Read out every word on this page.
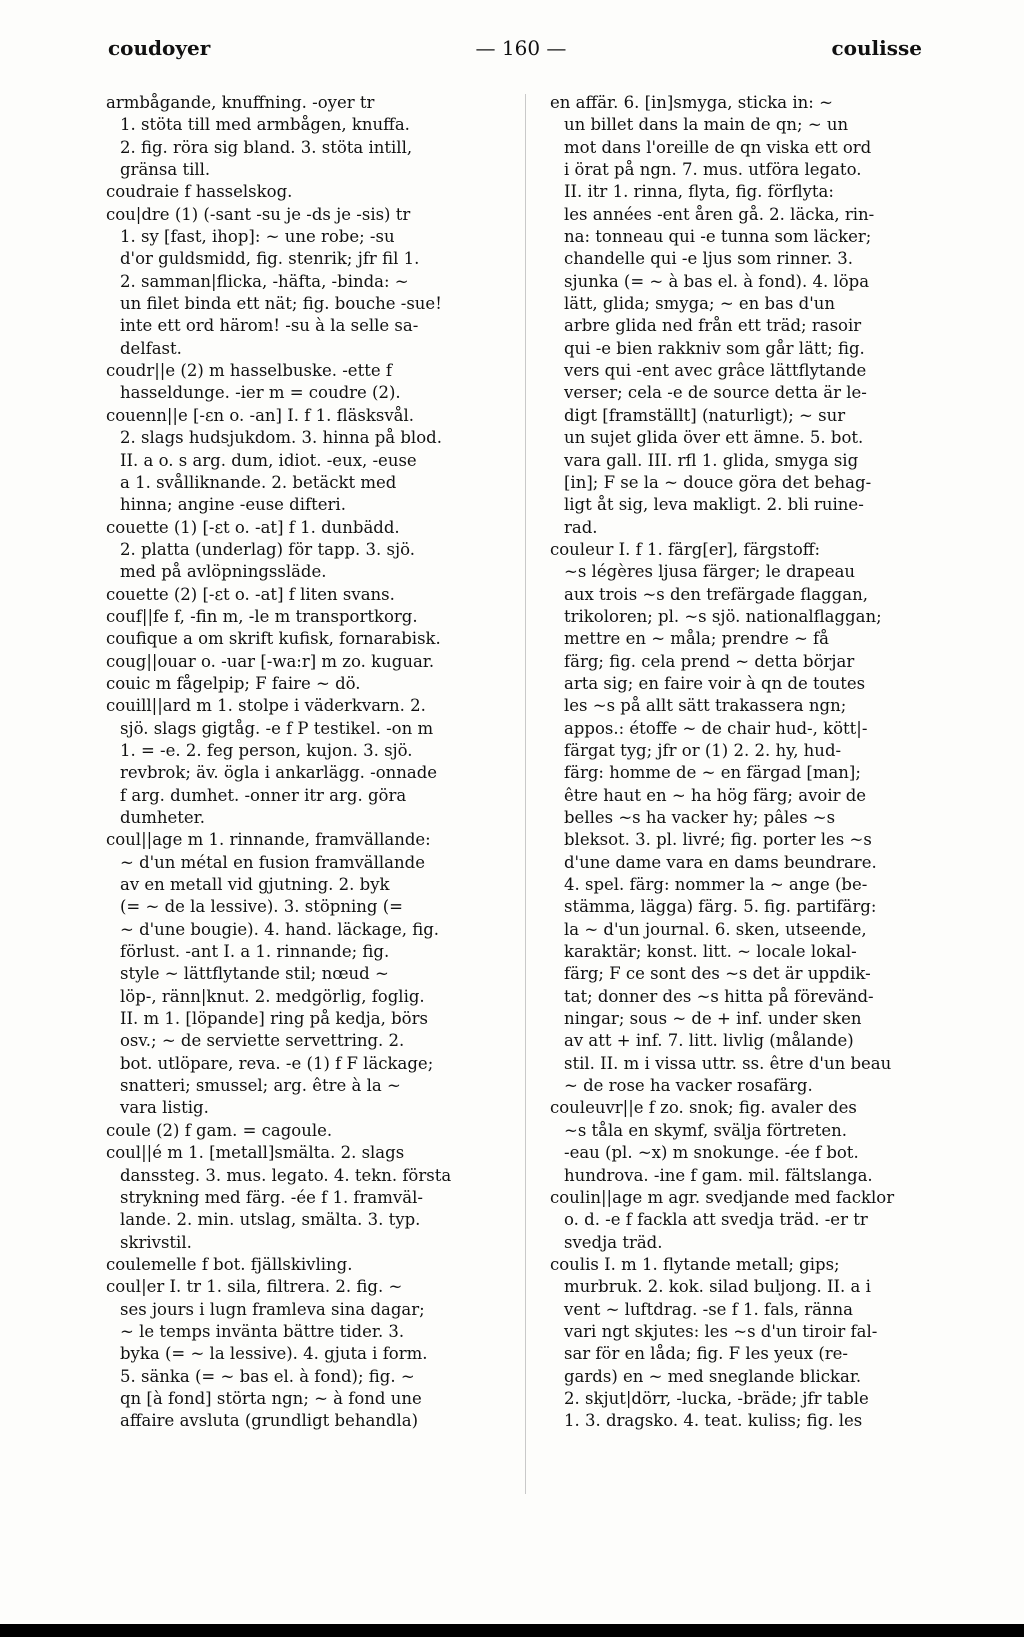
coudoyer	— 160 —	coulisse
armbågande, knuffning. -oyer tr
1. stöta till med armbågen, knuffa.
2. fig. röra sig bland. 3. stöta intill,
gränsa till.
coudraie f hasselskog.
cou|dre (1) (-sant -su je -ds je -sis) tr
1. sy [fast, ihop]: ~ une robe; -su
d'or guldsmidd, fig. stenrik; jfr fil 1.
2. samman|flicka, -häfta, -binda: ~
un filet binda ett nät; fig. bouche -sue!
inte ett ord härom! -su à la selle sa-
delfast.
coudr||e (2) m hasselbuske. -ette f
hasseldunge. -ier m = coudre (2).
couenn||e [-εn o. -an] I. f 1. fläsksvål.
2. slags hudsjukdom. 3. hinna på blod.
II. a o. s arg. dum, idiot. -eux, -euse
a 1. svålliknande. 2. betäckt med
hinna; angine -euse difteri.
couette (1) [-εt o. -at] f 1. dunbädd.
2. platta (underlag) för tapp. 3. sjö.
med på avlöpningssläde.
couette (2) [-εt o. -at] f liten svans.
couf||fe f, -fin m, -le m transportkorg.
coufique a om skrift kufisk, fornarabisk.
coug||ouar o. -uar [-wa:r] m zo. kuguar.
couic m fågelpip; F faire ~ dö.
couill||ard m 1. stolpe i väderkvarn. 2.
sjö. slags gigtåg. -e f P testikel. -on m
1. = -e. 2. feg person, kujon. 3. sjö.
revbrok; äv. ögla i ankarlägg. -onnade
f arg. dumhet. -onner itr arg. göra
dumheter.
coul||age m 1. rinnande, framvällande:
~ d'un métal en fusion framvällande
av en metall vid gjutning. 2. byk
(= ~ de la lessive). 3. stöpning (=
~ d'une bougie). 4. hand. läckage, fig.
förlust. -ant I. a 1. rinnande; fig.
style ~ lättflytande stil; nœud ~
löp-, ränn|knut. 2. medgörlig, foglig.
II. m 1. [löpande] ring på kedja, börs
osv.; ~ de serviette servettring. 2.
bot. utlöpare, reva. -e (1) f F läckage;
snatteri; smussel; arg. être à la ~
vara listig.
coule (2) f gam. = cagoule.
coul||é m 1. [metall]smälta. 2. slags
danssteg. 3. mus. legato. 4. tekn. första
strykning med färg. -ée f 1. framväl-
lande. 2. min. utslag, smälta. 3. typ.
skrivstil.
coulemelle f bot. fjällskivling.
coul|er I. tr 1. sila, filtrera. 2. fig. ~
ses jours i lugn framleva sina dagar;
~ le temps invänta bättre tider. 3.
byka (= ~ la lessive). 4. gjuta i form.
5. sänka (= ~ bas el. à fond); fig. ~
qn [à fond] störta ngn; ~ à fond une
affaire avsluta (grundligt behandla)
en affär. 6. [in]smyga, sticka in: ~
un billet dans la main de qn; ~ un
mot dans l'oreille de qn viska ett ord
i örat på ngn. 7. mus. utföra legato.
II. itr 1. rinna, flyta, fig. förflyta:
les années -ent åren gå. 2. läcka, rin-
na: tonneau qui -e tunna som läcker;
chandelle qui -e ljus som rinner. 3.
sjunka (= ~ à bas el. à fond). 4. löpa
lätt, glida; smyga; ~ en bas d'un
arbre glida ned från ett träd; rasoir
qui -e bien rakkniv som går lätt; fig.
vers qui -ent avec grâce lättflytande
verser; cela -e de source detta är le-
digt [framställt] (naturligt); ~ sur
un sujet glida över ett ämne. 5. bot.
vara gall. III. rfl 1. glida, smyga sig
[in]; F se la ~ douce göra det behag-
ligt åt sig, leva makligt. 2. bli ruine-
rad.
couleur I. f 1. färg[er], färgstoff:
~s légères ljusa färger; le drapeau
aux trois ~s den trefärgade flaggan,
trikoloren; pl. ~s sjö. nationalflaggan;
mettre en ~ måla; prendre ~ få
färg; fig. cela prend ~ detta börjar
arta sig; en faire voir à qn de toutes
les ~s på allt sätt trakassera ngn;
appos.: étoffe ~ de chair hud-, kött|-
färgat tyg; jfr or (1) 2. 2. hy, hud-
färg: homme de ~ en färgad [man];
être haut en ~ ha hög färg; avoir de
belles ~s ha vacker hy; pâles ~s
bleksot. 3. pl. livré; fig. porter les ~s
d'une dame vara en dams beundrare.
4. spel. färg: nommer la ~ ange (be-
stämma, lägga) färg. 5. fig. partifärg:
la ~ d'un journal. 6. sken, utseende,
karaktär; konst. litt. ~ locale lokal-
färg; F ce sont des ~s det är uppdik-
tat; donner des ~s hitta på förevänd-
ningar; sous ~ de + inf. under sken
av att + inf. 7. litt. livlig (målande)
stil. II. m i vissa uttr. ss. être d'un beau
~ de rose ha vacker rosafärg.
couleuvr||e f zo. snok; fig. avaler des
~s tåla en skymf, svälja förtreten.
-eau (pl. ~x) m snokunge. -ée f bot.
hundrova. -ine f gam. mil. fältslanga.
coulin||age m agr. svedjande med facklor
o. d. -e f fackla att svedja träd. -er tr
svedja träd.
coulis I. m 1. flytande metall; gips;
murbruk. 2. kok. silad buljong. II. a i
vent ~ luftdrag. -se f 1. fals, ränna
vari ngt skjutes: les ~s d'un tiroir fal-
sar för en låda; fig. F les yeux (re-
gards) en ~ med sneglande blickar.
2. skjut|dörr, -lucka, -bräde; jfr table
1. 3. dragsko. 4. teat. kuliss; fig. les
